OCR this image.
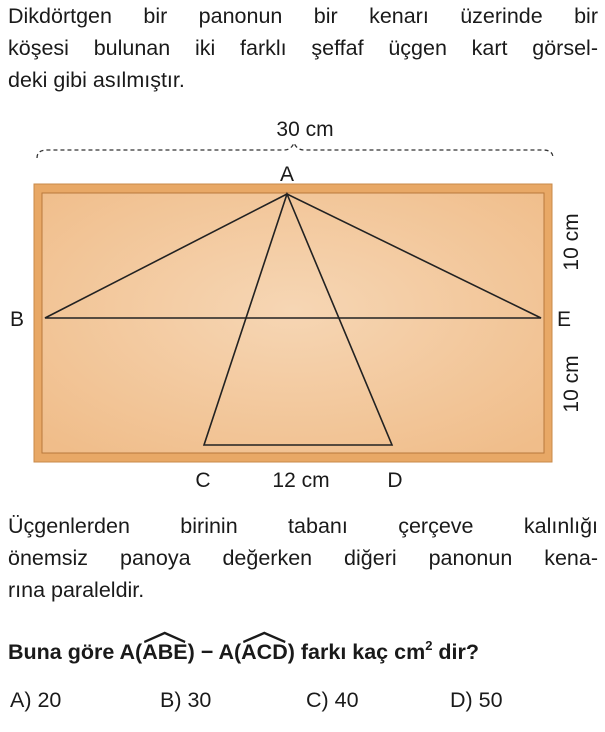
Dikdörtgen bir panonun bir kenarı üzerinde bir
köşesi bulunan iki farklı şeffaf üçgen kart görsel-
deki gibi asılmıştır.
30 cm
A
B	E
C	D
12 cm
10 cm
10 cm
Üçgenlerden birinin tabanı çerçeve kalınlığı
önemsiz panoya değerken diğeri panonun kena-
rına paraleldir.
Buna göre A(
ABE) − A(
ACD) farkı kaç $cm^2$ dir?
A) 20	B) 30	C) 40	D) 50
